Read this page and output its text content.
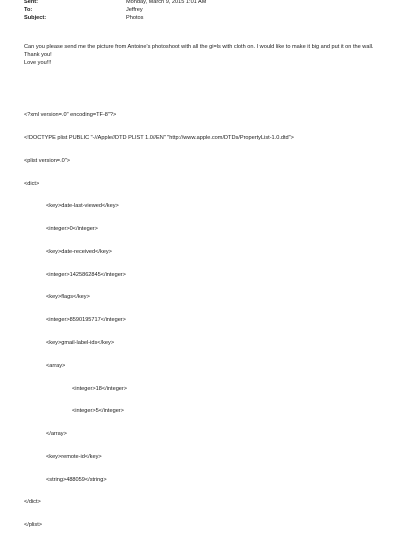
Sent:	Monday, March 9, 2015 1:01 AM
To:	Jeffrey
Subject:	Photos
Can you please send me the picture from Antoine's photoshoot with all the gi=ls with cloth on. I would like to make it big and put it on the wall.
Thank you!
Love you!!!

<?xml version=.0" encoding=TF-8"?>

<!DOCTYPE plist PUBLIC "-//Apple//DTD PLIST 1.0//EN" "http://www.apple.com/DTDs/PropertyList-1.0.dtd">

<plist version=.0">

<dict>

<key>date-last-viewed</key>

<integer>0</integer>

<key>date-received</key>

<integer>1425862845</integer>

<key>flags</key>

<integer>8590195717</integer>

<key>gmail-label-ids</key>

<array>

<integer>18</integer>

<integer>5</integer>

</array>

<key>remote-id</key>

<string>488059</string>

</dict>

</plist>
